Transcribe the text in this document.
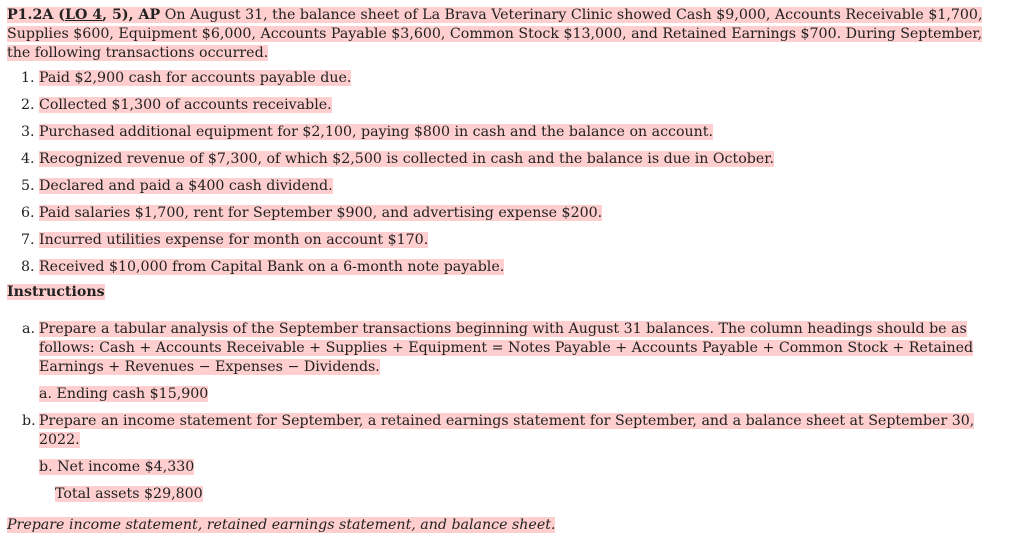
P1.2A (LO 4, 5), AP On August 31, the balance sheet of La Brava Veterinary Clinic showed Cash $9,000, Accounts Receivable $1,700, Supplies $600, Equipment $6,000, Accounts Payable $3,600, Common Stock $13,000, and Retained Earnings $700. During September, the following transactions occurred.

1. Paid $2,900 cash for accounts payable due.
2. Collected $1,300 of accounts receivable.
3. Purchased additional equipment for $2,100, paying $800 in cash and the balance on account.
4. Recognized revenue of $7,300, of which $2,500 is collected in cash and the balance is due in October.
5. Declared and paid a $400 cash dividend.
6. Paid salaries $1,700, rent for September $900, and advertising expense $200.
7. Incurred utilities expense for month on account $170.
8. Received $10,000 from Capital Bank on a 6-month note payable.
Instructions
a. Prepare a tabular analysis of the September transactions beginning with August 31 balances. The column headings should be as follows: Cash + Accounts Receivable + Supplies + Equipment = Notes Payable + Accounts Payable + Common Stock + Retained Earnings + Revenues − Expenses − Dividends.
a. Ending cash $15,900
b. Prepare an income statement for September, a retained earnings statement for September, and a balance sheet at September 30, 2022.
b. Net income $4,330
Total assets $29,800

Prepare income statement, retained earnings statement, and balance sheet.
